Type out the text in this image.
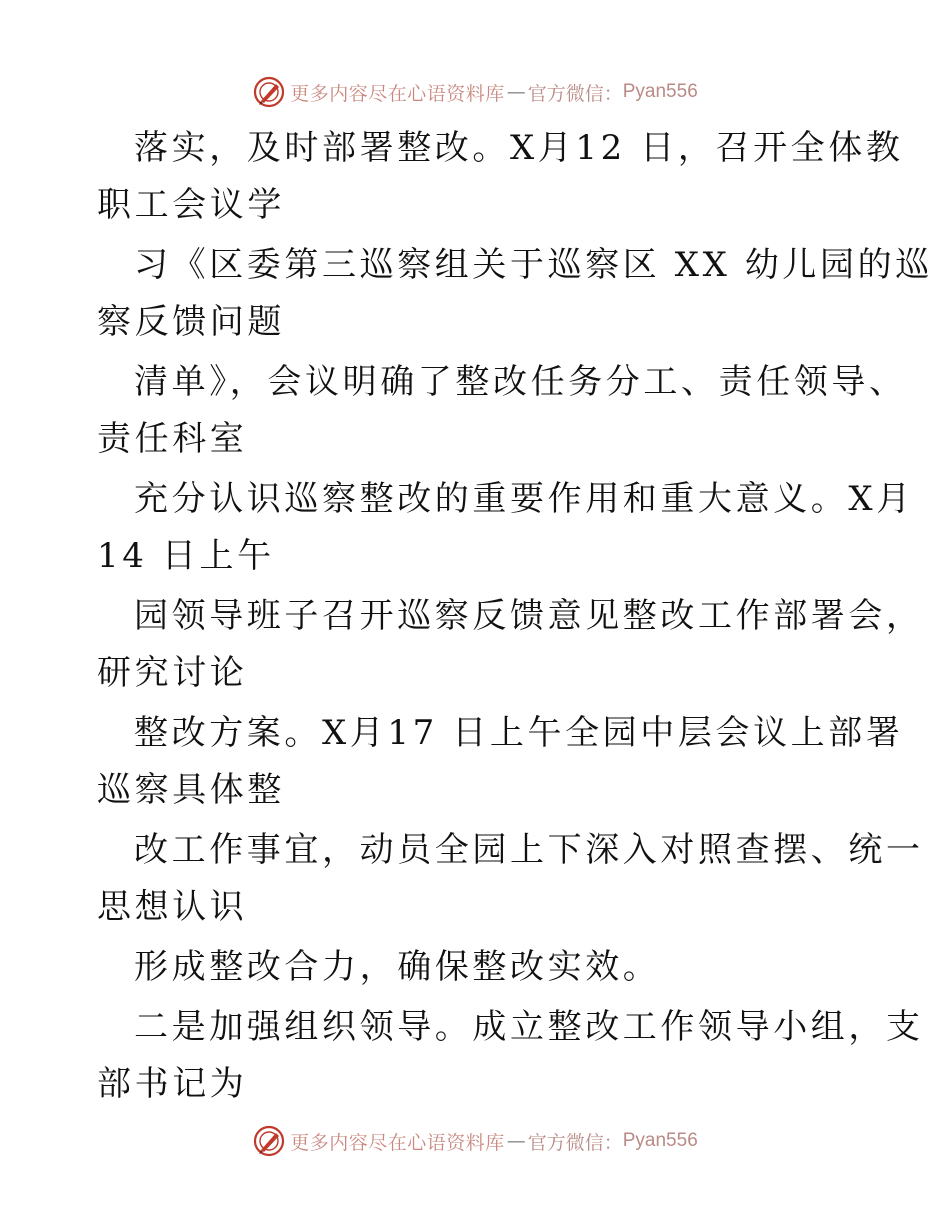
更多内容尽在心语资料库 — 官方微信： Pyan556
落实，及时部署整改。X月12 日，召开全体教
职工会议学
习《区委第三巡察组关于巡察区 XX 幼儿园的巡
察反馈问题
清单》，会议明确了整改任务分工、责任领导、
责任科室
充分认识巡察整改的重要作用和重大意义。X月
14 日上午
园领导班子召开巡察反馈意见整改工作部署会，
研究讨论
整改方案。X月17 日上午全园中层会议上部署
巡察具体整
改工作事宜，动员全园上下深入对照查摆、统一
思想认识
形成整改合力，确保整改实效。
二是加强组织领导。成立整改工作领导小组，支
部书记为
更多内容尽在心语资料库 — 官方微信： Pyan556
